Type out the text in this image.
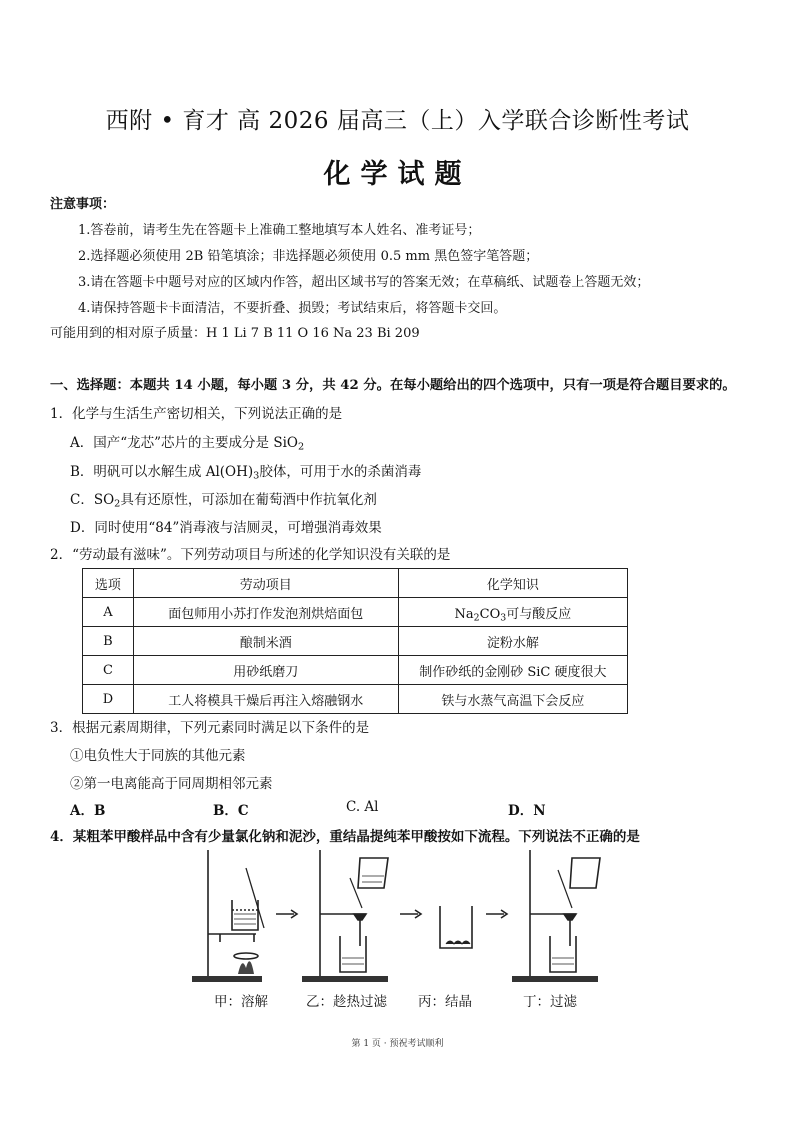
西附 • 育才 高 2026 届高三（上）入学联合诊断性考试
化学试题
注意事项：
1.答卷前，请考生先在答题卡上准确工整地填写本人姓名、准考证号；
2.选择题必须使用 2B 铅笔填涂；非选择题必须使用 0.5 mm 黑色签字笔答题；
3.请在答题卡中题号对应的区域内作答，超出区域书写的答案无效；在草稿纸、试题卷上答题无效；
4.请保持答题卡卡面清洁，不要折叠、损毁；考试结束后，将答题卡交回。
可能用到的相对原子质量：H 1 Li 7 B 11 O 16 Na 23 Bi 209
一、选择题：本题共 14 小题，每小题 3 分，共 42 分。在每小题给出的四个选项中，只有一项是符合题目要求的。
1．化学与生活生产密切相关，下列说法正确的是
A．国产“龙芯”芯片的主要成分是 SiO$_2$
B．明矾可以水解生成 $Al(OH)_3$胶体，可用于水的杀菌消毒
C．$SO_2$具有还原性，可添加在葡萄酒中作抗氧化剂
D．同时使用“84”消毒液与洁厕灵，可增强消毒效果
2．“劳动最有滋味”。下列劳动项目与所述的化学知识没有关联的是
选项	劳动项目	化学知识
A	面包师用小苏打作发泡剂烘焙面包	$Na_2CO_3$可与酸反应
B	酿制米酒	淀粉水解
C	用砂纸磨刀	制作砂纸的金刚砂 SiC 硬度很大
D	工人将模具干燥后再注入熔融钢水	铁与水蒸气高温下会反应
3．根据元素周期律，下列元素同时满足以下条件的是
①电负性大于同族的其他元素
②第一电离能高于同周期相邻元素
A．B	B．C	C. Al	D．N
4．某粗苯甲酸样品中含有少量氯化钠和泥沙，重结晶提纯苯甲酸按如下流程。下列说法不正确的是
甲：溶解	乙：趁热过滤 丙：结晶	丁：过滤
第 1 页 · 预祝考试顺利
